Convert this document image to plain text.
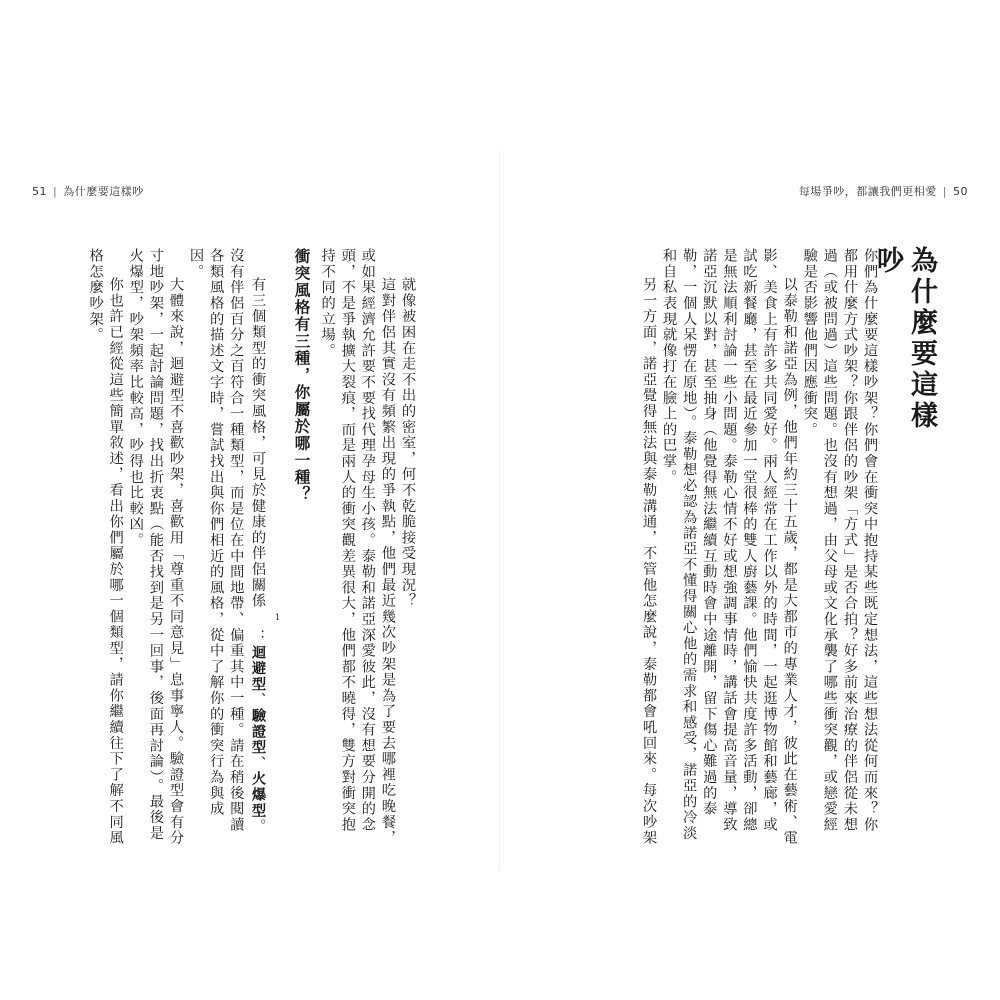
51 | 為什麼要這樣吵

就像被困在走不出的密室，何不乾脆接受現況？

這對伴侶其實沒有頻繁出現的爭執點，他們最近幾次吵架是為了要去哪裡吃晚餐，或如果經濟允許要不要找代理孕母生小孩。泰勒和諾亞深愛彼此，沒有想要分開的念頭，不是爭執擴大裂痕，而是兩人的衝突觀差異很大，他們都不曉得，雙方對衝突抱持不同的立場。

衝突風格有三種，你屬於哪一種？

有三個類型的衝突風格，可見於健康的伴侶關係$^1$：迴避型、驗證型、火爆型。沒有伴侶百分之百符合一種類型，而是位在中間地帶、偏重其中一種。請在稍後閱讀各類風格的描述文字時，嘗試找出與你們相近的風格，從中了解你的衝突行為與成因。

大體來說，迴避型不喜歡吵架，喜歡用「尊重不同意見」息事寧人。驗證型會有分寸地吵架，一起討論問題，找出折衷點（能否找到是另一回事，後面再討論）。最後是火爆型，吵架頻率比較高，吵得也比較凶。

你也許已經從這些簡單敘述，看出你們屬於哪一個類型，請你繼續往下了解不同風格怎麼吵架。

每場爭吵，都讓我們更相愛 | 50
為什麼要這樣吵

你們為什麼要這樣吵架？你們會在衝突中抱持某些既定想法，這些想法從何而來？你都用什麼方式吵架？你跟伴侶的吵架「方式」是否合拍？好多前來治療的伴侶從未想過（或被問過）這些問題。也沒有想過，由父母或文化承襲了哪些衝突觀，或戀愛經驗是否影響他們因應衝突。

以泰勒和諾亞為例，他們年約三十五歲，都是大都市的專業人才，彼此在藝術、電影、美食上有許多共同愛好。兩人經常在工作以外的時間，一起逛博物館和藝廊，或試吃新餐廳，甚至在最近參加一堂很棒的雙人廚藝課。他們愉快共度許多活動，卻總是無法順利討論一些小問題。泰勒心情不好或想強調事情時，講話會提高音量，導致諾亞沉默以對，甚至抽身（他覺得無法繼續互動時會中途離開，留下傷心難過的泰勒，一個人呆愣在原地）。泰勒想必認為諾亞不懂得關心他的需求和感受，諾亞的冷淡和自私表現就像打在臉上的巴掌。

另一方面，諾亞覺得無法與泰勒溝通，不管他怎麼說，泰勒都會吼回來。每次吵架
